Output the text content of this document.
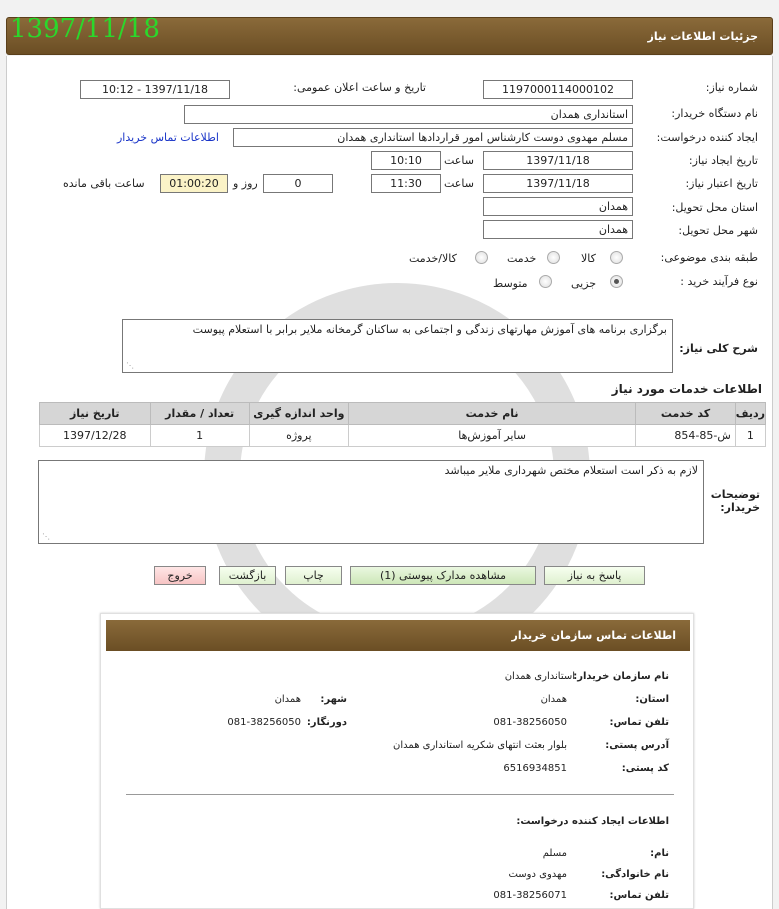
1397/11/18	جزئيات اطلاعات نياز
شماره نياز:
1197000114000102
تاريخ و ساعت اعلان عمومی:
1397/11/18 - 10:12
نام دستگاه خريدار:
استانداری همدان
ايجاد کننده درخواست:
مسلم مهدوی دوست کارشناس امور قراردادها استانداری همدان
اطلاعات تماس خريدار
تاريخ ايجاد نياز:
1397/11/18
ساعت
10:10
تاريخ اعتبار نياز:
1397/11/18
ساعت
11:30
0
روز و
01:00:20
ساعت باقی مانده
استان محل تحويل:
همدان
شهر محل تحويل:
همدان
طبقه بندی موضوعی:
کالا
خدمت
کالا/خدمت
نوع فرآيند خريد :
جزيی
متوسط
شرح کلی نياز:
برگزاری برنامه های آموزش مهارتهای زندگی و اجتماعی به ساکنان گرمخانه ملاير برابر با استعلام پيوست
⋰
اطلاعات خدمات مورد نياز
رديف	کد خدمت	نام خدمت	واحد اندازه گيری	تعداد / مقدار	تاريخ نياز
1	ش-85-854	ساير آموزش‌ها	پروژه	1	1397/12/28
توضيحات خريدار:
لازم به ذکر است استعلام مختص شهرداری ملاير ميباشد
⋰
پاسخ به نياز
مشاهده مدارک پيوستی (1)
چاپ
بازگشت
خروج
اطلاعات تماس سازمان خريدار
نام سازمان خريدار:
استانداری همدان
استان:
همدان
شهر:
همدان
تلفن تماس:
081-38256050
دورنگار:
081-38256050
آدرس پستی:
بلوار بعثت انتهای شکريه استانداری همدان
کد پستی:
6516934851
اطلاعات ايجاد کننده درخواست:
نام:
مسلم
نام خانوادگی:
مهدوی دوست
تلفن تماس:
081-38256071
